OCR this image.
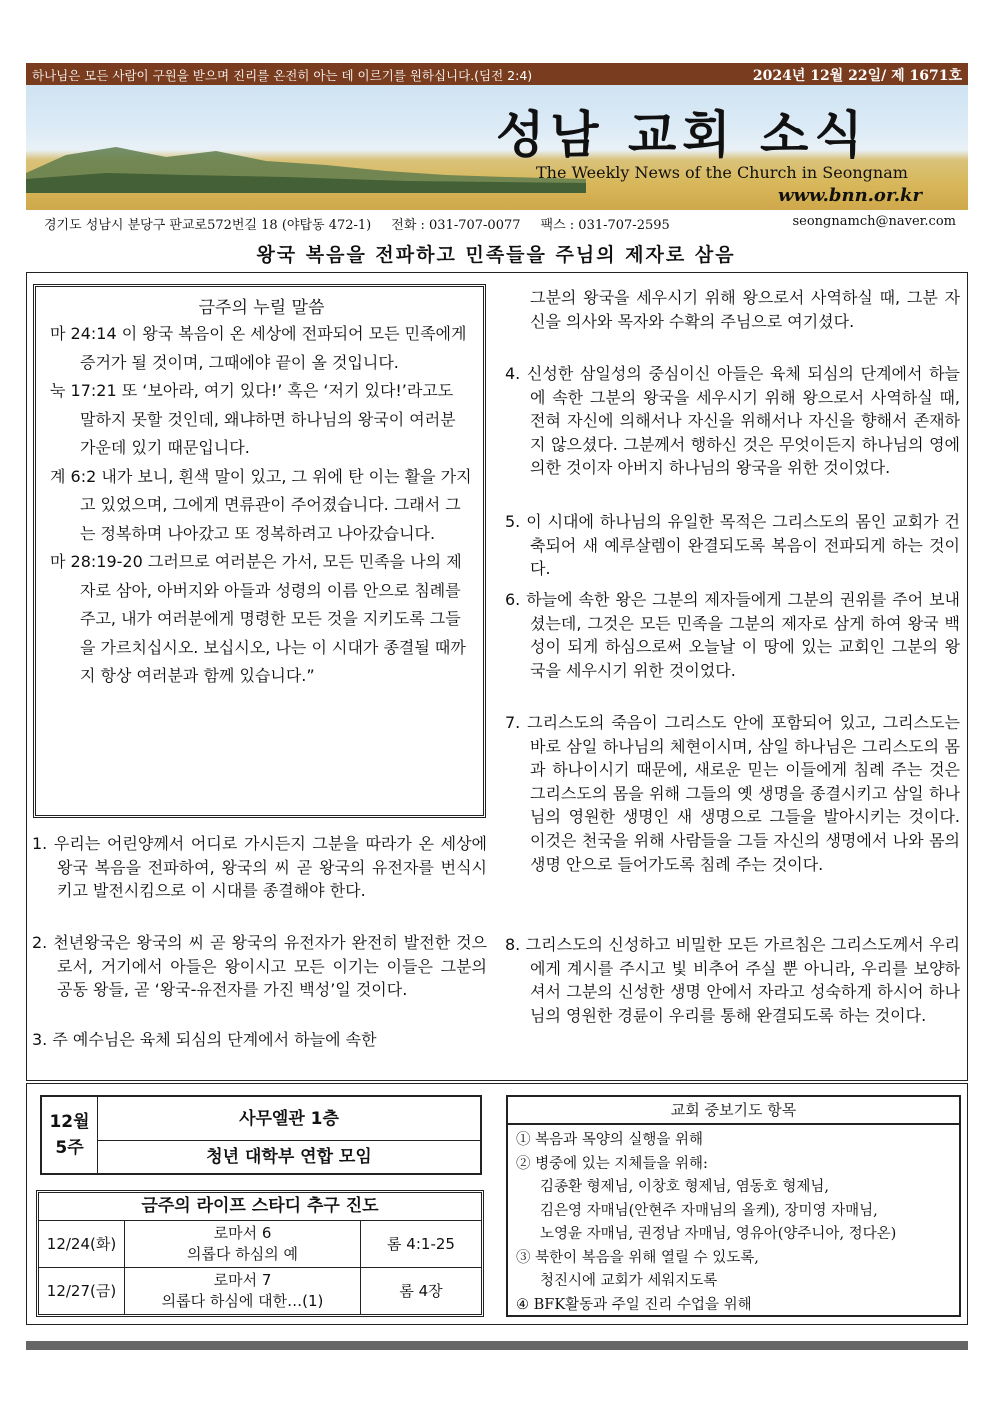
하나님은 모든 사람이 구원을 받으며 진리를 온전히 아는 데 이르기를 원하십니다.(딤전 2:4)	2024년 12월 22일/ 제 1671호
성남 교회 소식
The Weekly News of the Church in Seongnam
www.bnn.or.kr
경기도 성남시 분당구 판교로572번길 18 (야탑동 472-1) 전화 : 031-707-0077 팩스 : 031-707-2595	seongnamch@naver.com
왕국 복음을 전파하고 민족들을 주님의 제자로 삼음
금주의 누릴 말씀
마 24:14 이 왕국 복음이 온 세상에 전파되어 모든 민족에게 증거가 될 것이며, 그때에야 끝이 올 것입니다.
눅 17:21 또 ‘보아라, 여기 있다!’ 혹은 ‘저기 있다!’라고도 말하지 못할 것인데, 왜냐하면 하나님의 왕국이 여러분 가운데 있기 때문입니다.
계 6:2 내가 보니, 흰색 말이 있고, 그 위에 탄 이는 활을 가지고 있었으며, 그에게 면류관이 주어졌습니다. 그래서 그는 정복하며 나아갔고 또 정복하려고 나아갔습니다.
마 28:19-20 그러므로 여러분은 가서, 모든 민족을 나의 제자로 삼아, 아버지와 아들과 성령의 이름 안으로 침례를 주고, 내가 여러분에게 명령한 모든 것을 지키도록 그들을 가르치십시오. 보십시오, 나는 이 시대가 종결될 때까지 항상 여러분과 함께 있습니다.”
1. 우리는 어린양께서 어디로 가시든지 그분을 따라가 온 세상에 왕국 복음을 전파하여, 왕국의 씨 곧 왕국의 유전자를 번식시키고 발전시킴으로 이 시대를 종결해야 한다.
2. 천년왕국은 왕국의 씨 곧 왕국의 유전자가 완전히 발전한 것으로서, 거기에서 아들은 왕이시고 모든 이기는 이들은 그분의 공동 왕들, 곧 ‘왕국-유전자를 가진 백성’일 것이다.
3. 주 예수님은 육체 되심의 단계에서 하늘에 속한
그분의 왕국을 세우시기 위해 왕으로서 사역하실 때, 그분 자신을 의사와 목자와 수확의 주님으로 여기셨다.
4. 신성한 삼일성의 중심이신 아들은 육체 되심의 단계에서 하늘에 속한 그분의 왕국을 세우시기 위해 왕으로서 사역하실 때, 전혀 자신에 의해서나 자신을 위해서나 자신을 향해서 존재하지 않으셨다. 그분께서 행하신 것은 무엇이든지 하나님의 영에 의한 것이자 아버지 하나님의 왕국을 위한 것이었다.
5. 이 시대에 하나님의 유일한 목적은 그리스도의 몸인 교회가 건축되어 새 예루살렘이 완결되도록 복음이 전파되게 하는 것이다.
6. 하늘에 속한 왕은 그분의 제자들에게 그분의 권위를 주어 보내셨는데, 그것은 모든 민족을 그분의 제자로 삼게 하여 왕국 백성이 되게 하심으로써 오늘날 이 땅에 있는 교회인 그분의 왕국을 세우시기 위한 것이었다.
7. 그리스도의 죽음이 그리스도 안에 포함되어 있고, 그리스도는 바로 삼일 하나님의 체현이시며, 삼일 하나님은 그리스도의 몸과 하나이시기 때문에, 새로운 믿는 이들에게 침례 주는 것은 그리스도의 몸을 위해 그들의 옛 생명을 종결시키고 삼일 하나님의 영원한 생명인 새 생명으로 그들을 발아시키는 것이다. 이것은 천국을 위해 사람들을 그들 자신의 생명에서 나와 몸의 생명 안으로 들어가도록 침례 주는 것이다.
8. 그리스도의 신성하고 비밀한 모든 가르침은 그리스도께서 우리에게 계시를 주시고 빛 비추어 주실 뿐 아니라, 우리를 보양하셔서 그분의 신성한 생명 안에서 자라고 성숙하게 하시어 하나님의 영원한 경륜이 우리를 통해 완결되도록 하는 것이다.
12월
5주
사무엘관 1층
청년 대학부 연합 모임
금주의 라이프 스타디 추구 진도
12/24(화)
로마서 6
의롭다 하심의 예
롬 4:1-25
12/27(금)
로마서 7
의롭다 하심에 대한…(1)
롬 4장
교회 중보기도 항목
① 복음과 목양의 실행을 위해
② 병중에 있는 지체들을 위해:
김종환 형제님, 이창호 형제님, 염동호 형제님,
김은영 자매님(안현주 자매님의 올케), 장미영 자매님,
노영윤 자매님, 권정남 자매님, 영유아(양주니아, 정다온)
③ 북한이 복음을 위해 열릴 수 있도록,
청진시에 교회가 세워지도록
④ BFK활동과 주일 진리 수업을 위해
